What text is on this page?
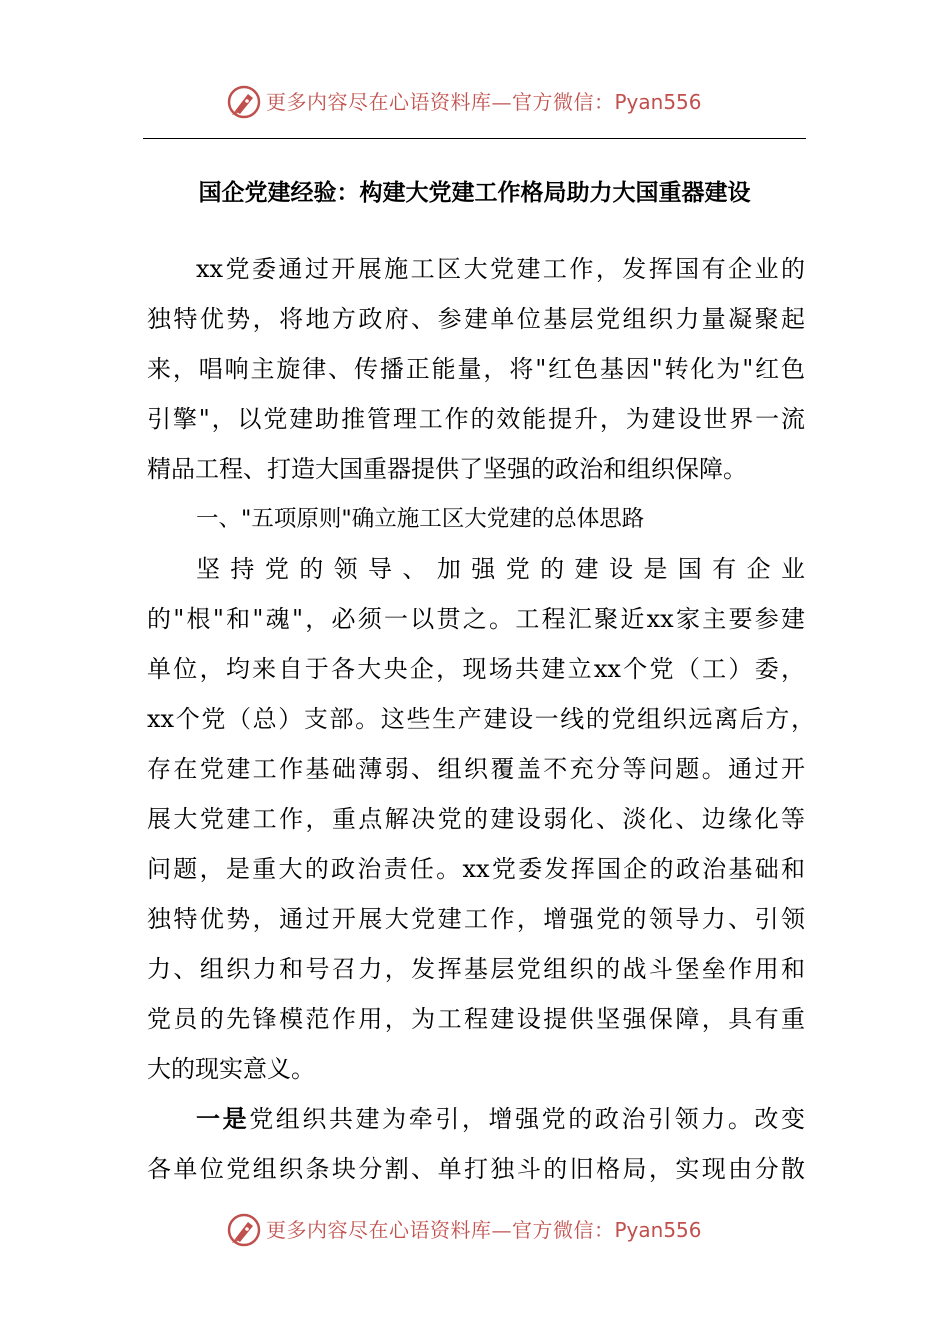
更多内容尽在心语资料库—官方微信：Pyan556
国企党建经验：构建大党建工作格局助力大国重器建设
xx党委通过开展施工区大党建工作，发挥国有企业的
独特优势，将地方政府、参建单位基层党组织力量凝聚起
来，唱响主旋律、传播正能量，将"红色基因"转化为"红色
引擎"，以党建助推管理工作的效能提升，为建设世界一流
精品工程、打造大国重器提供了坚强的政治和组织保障。
一、"五项原则"确立施工区大党建的总体思路
坚持党的领导、加强党的建设是国有企业
的"根"和"魂"，必须一以贯之。工程汇聚近xx家主要参建
单位，均来自于各大央企，现场共建立xx个党（工）委，
xx个党（总）支部。这些生产建设一线的党组织远离后方，
存在党建工作基础薄弱、组织覆盖不充分等问题。通过开
展大党建工作，重点解决党的建设弱化、淡化、边缘化等
问题，是重大的政治责任。xx党委发挥国企的政治基础和
独特优势，通过开展大党建工作，增强党的领导力、引领
力、组织力和号召力，发挥基层党组织的战斗堡垒作用和
党员的先锋模范作用，为工程建设提供坚强保障，具有重
大的现实意义。
一是党组织共建为牵引，增强党的政治引领力。改变
各单位党组织条块分割、单打独斗的旧格局，实现由分散
更多内容尽在心语资料库—官方微信：Pyan556
